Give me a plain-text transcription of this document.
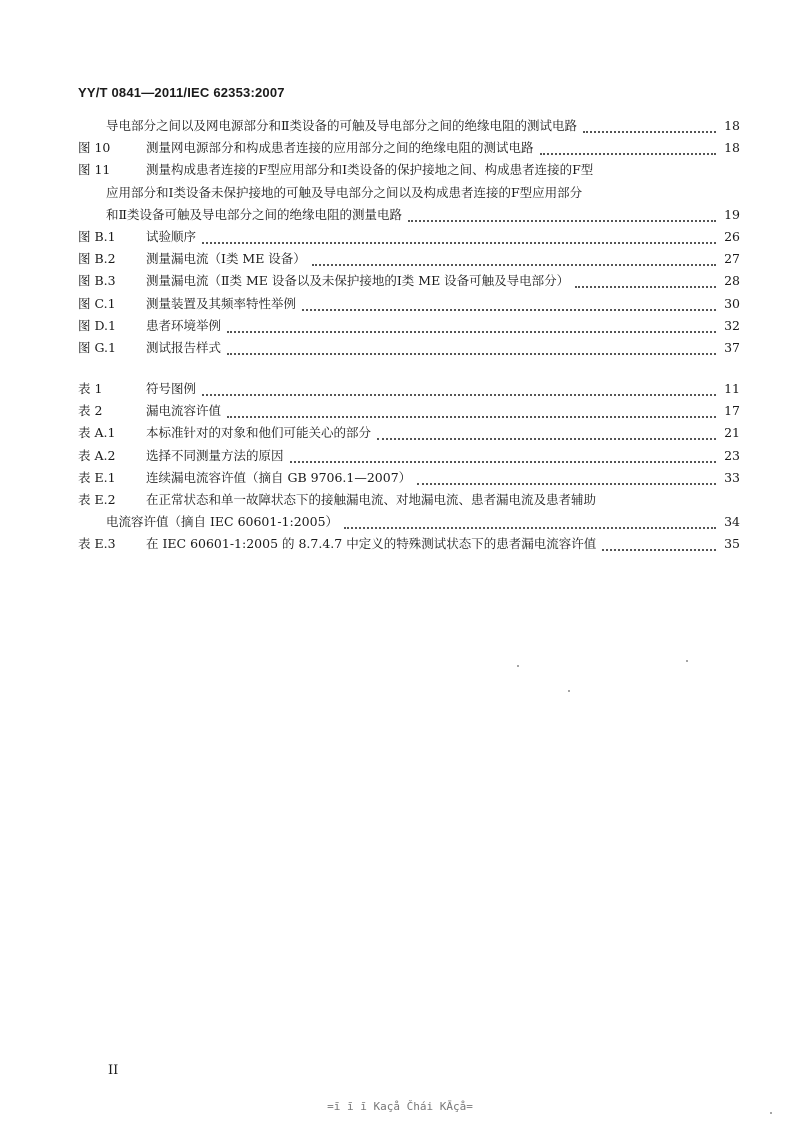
YY/T 0841—2011/IEC 62353:2007
导电部分之间以及网电源部分和Ⅱ类设备的可触及导电部分之间的绝缘电阻的测试电路	18
图 10	测量网电源部分和构成患者连接的应用部分之间的绝缘电阻的测试电路	18
图 11	测量构成患者连接的F型应用部分和Ⅰ类设备的保护接地之间、构成患者连接的F型
应用部分和Ⅰ类设备未保护接地的可触及导电部分之间以及构成患者连接的F型应用部分
和Ⅱ类设备可触及导电部分之间的绝缘电阻的测量电路	19
图 B.1	试验顺序	26
图 B.2	测量漏电流（Ⅰ类 ME 设备）	27
图 B.3	测量漏电流（Ⅱ类 ME 设备以及未保护接地的Ⅰ类 ME 设备可触及导电部分）	28
图 C.1	测量装置及其频率特性举例	30
图 D.1	患者环境举例	32
图 G.1	测试报告样式	37
表 1	符号图例	11
表 2	漏电流容许值	17
表 A.1	本标准针对的对象和他们可能关心的部分	21
表 A.2	选择不同测量方法的原因	23
表 E.1	连续漏电流容许值（摘自 GB 9706.1—2007）	33
表 E.2	在正常状态和单一故障状态下的接触漏电流、对地漏电流、患者漏电流及患者辅助
电流容许值（摘自 IEC 60601-1:2005）	34
表 E.3	在 IEC 60601-1:2005 的 8.7.4.7 中定义的特殊测试状态下的患者漏电流容许值	35
II
=ī ī ī Kaçå Čhái KĀçå=
